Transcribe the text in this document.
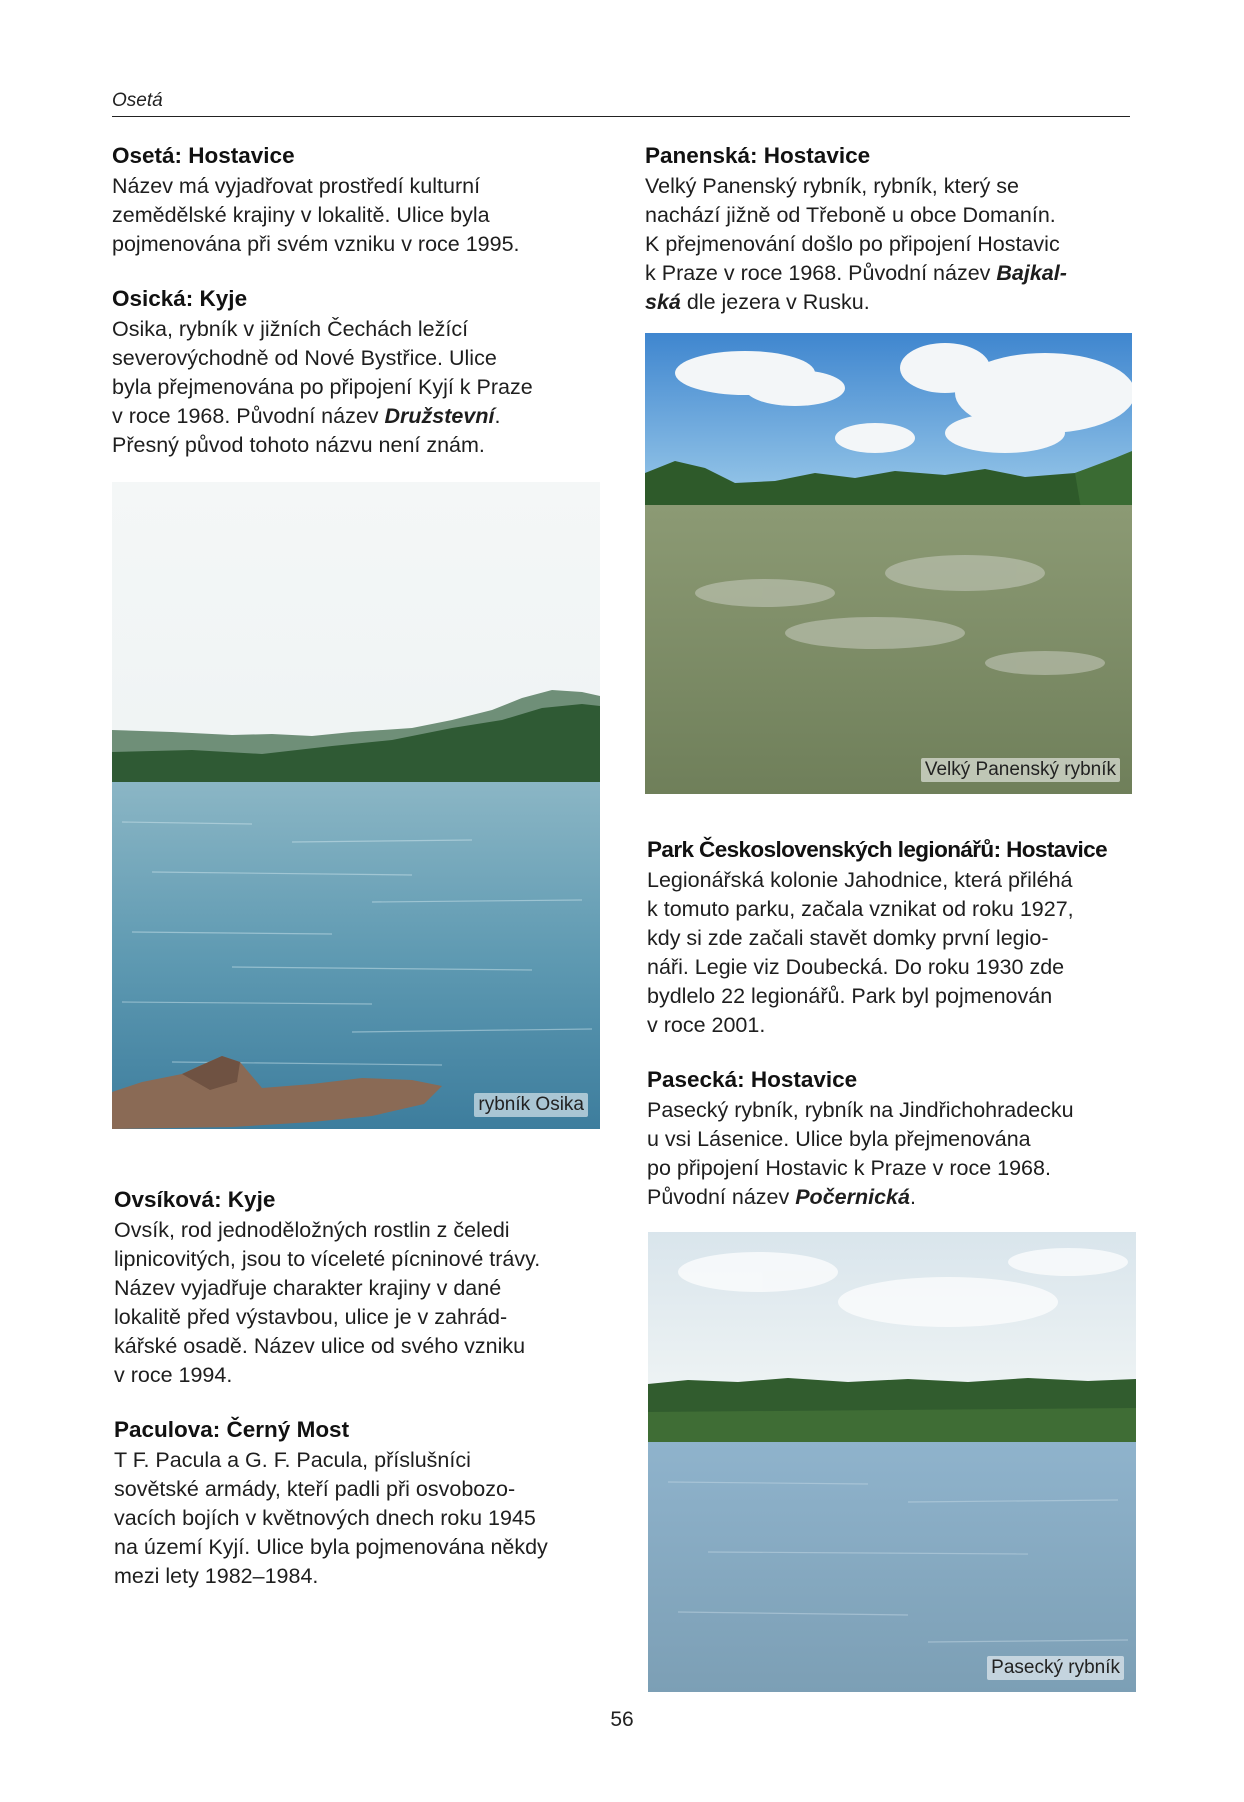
Osetá
Osetá: Hostavice

Název má vyjadřovat prostředí kulturní
zemědělské krajiny v lokalitě. Ulice byla
pojmenována při svém vzniku v roce 1995.

Osická: Kyje

Osika, rybník v jižních Čechách ležící
severovýchodně od Nové Bystřice. Ulice
byla přejmenována po připojení Kyjí k Praze
v roce 1968. Původní název Družstevní.
Přesný původ tohoto názvu není znám.

rybník Osika
Ovsíková: Kyje

Ovsík, rod jednoděložných rostlin z čeledi
lipnicovitých, jsou to víceleté pícninové trávy.
Název vyjadřuje charakter krajiny v dané
lokalitě před výstavbou, ulice je v zahrád-
kářské osadě. Název ulice od svého vzniku
v roce 1994.

Paculova: Černý Most

T F. Pacula a G. F. Pacula, příslušníci
sovětské armády, kteří padli při osvobozo-
vacích bojích v květnových dnech roku 1945
na území Kyjí. Ulice byla pojmenována někdy
mezi lety 1982–1984.

Panenská: Hostavice

Velký Panenský rybník, rybník, který se
nachází jižně od Třeboně u obce Domanín.
K přejmenování došlo po připojení Hostavic
k Praze v roce 1968. Původní název Bajkal-
ská dle jezera v Rusku.

Velký Panenský rybník
Park Československých legionářů: Hostavice

Legionářská kolonie Jahodnice, která přiléhá
k tomuto parku, začala vznikat od roku 1927,
kdy si zde začali stavět domky první legio-
náři. Legie viz Doubecká. Do roku 1930 zde
bydlelo 22 legionářů. Park byl pojmenován
v roce 2001.

Pasecká: Hostavice

Pasecký rybník, rybník na Jindřichohradecku
u vsi Lásenice. Ulice byla přejmenována
po připojení Hostavic k Praze v roce 1968.
Původní název Počernická.

Pasecký rybník
56
